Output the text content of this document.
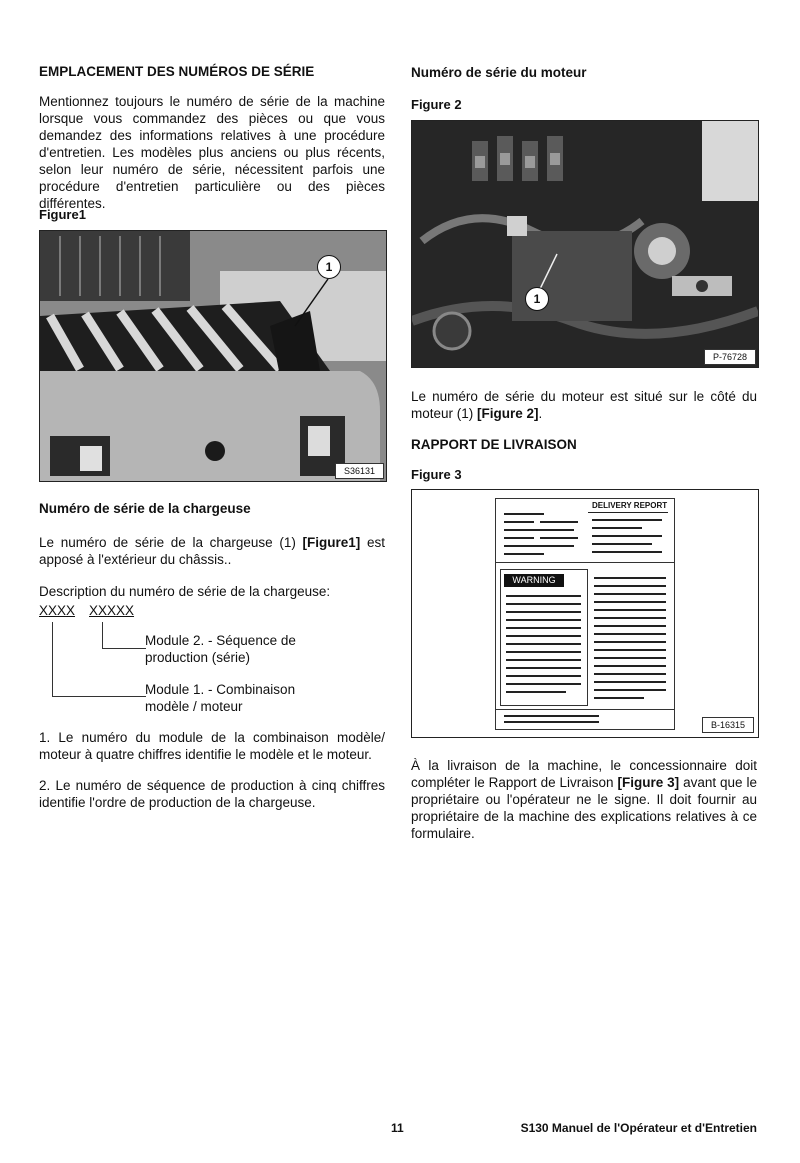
EMPLACEMENT DES NUMÉROS DE SÉRIE

Mentionnez toujours le numéro de série de la machine lorsque vous commandez des pièces ou que vous demandez des informations relatives à une procédure d'entretien. Les modèles plus anciens ou plus récents, selon leur numéro de série, nécessitent parfois une procédure d'entretien particulière ou des pièces différentes.

Figure1
1
S36131
Numéro de série de la chargeuse

Le numéro de série de la chargeuse (1) [Figure1] est apposé à l'extérieur du châssis..

Description du numéro de série de la chargeuse:

XXXX XXXXX
Module 2. - Séquence de
production (série)
Module 1. - Combinaison
modèle / moteur

1. Le numéro du module de la combinaison modèle/ moteur à quatre chiffres identifie le modèle et le moteur.

2. Le numéro de séquence de production à cinq chiffres identifie l'ordre de production de la chargeuse.

Numéro de série du moteur
Figure 2
1
P-76728

Le numéro de série du moteur est situé sur le côté du moteur (1) [Figure 2].

RAPPORT DE LIVRAISON
Figure 3
DELIVERY REPORT
WARNING
B-16315

À la livraison de la machine, le concessionnaire doit compléter le Rapport de Livraison [Figure 3] avant que le propriétaire ou l'opérateur ne le signe. Il doit fournir au propriétaire de la machine des explications relatives à ce formulaire.

11	S130 Manuel de l'Opérateur et d'Entretien
